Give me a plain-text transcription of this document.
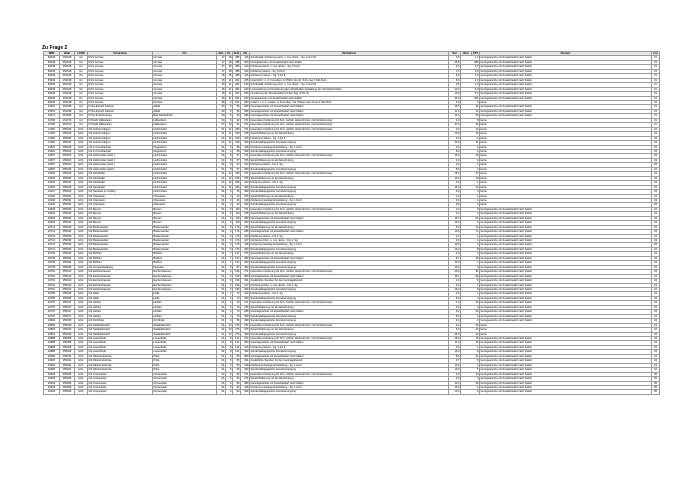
Zu Frage 2
DBR	BGB	LKNR	Schulname	Ort	SGL	KL	Schl	ZB	ZB-Klartext	Std	Wert	KST	Klartext	Anz
84049	254018	H1	KGS Gronau	Gronau	17	18	485	115	Sonderpäd. Förderung einzl. u. zus. Erzie. - Sg. 9 und 10	3,5	1,3		Genügsanruhe mit Zusatzbedarf nach Faktor	01
84049	254018	H1	KGS Gronau	Gronau	17	18	485	260	Genügsanruhe mit Zusatzbedarf nach Faktor	45,5	480		Genügsanruhe mit Zusatzbedarf nach Faktor	01
84049	254018	H1	KGS Gronau	Gronau	17	18	485	410	Förderung Einzl. u. zus. Erzie. - Sg. 5 bis 8	3,5	1,3		Genügsanruhe mit Zusatzbedarf nach Faktor	01
84049	254018	H1	KGS Gronau	Gronau	17	18	485	414	Förderung Hören - Sg. 5 bis 8	1,5	0,5		Genügsanruhe mit Zusatzbedarf nach Faktor	01
84049	254018	H1	KGS Gronau	Gronau	18	18	485	415	Förderung Sehen - Sg. 5 bis 8	6,0	2,3		Genügsanruhe mit Zusatzbedarf nach Faktor	01
84049	254018	H1	KGS Gronau	Gronau	18	11	261	265	Unterricht f. ü. Z. Fremdspr. in Pflicht. bis 10. SJG max 4 Std./SJG	8,0	2,3		Genügsanruhe mit Zusatzbedarf nach Faktor	01
84049	254018	H1	KGS Gronau	Gronau	18	11	261	133	Sonderpäd. Förderung einzl. u. zus. Erzie. - Sg. 9 und 10	3,5	1,3		Genügsanruhe mit Zusatzbedarf nach Faktor	01
84049	254018	H1	KGS Gronau	Gronau	18	11	261	243	Unterstützung und Förderung der individuellen Gestaltung der Schulabschlüsse	13,0	5,3		Genügsanruhe mit Zusatzbedarf nach Faktor	01
84049	254018	H1	KGS Gronau	Gronau	18	11	261	250	Umsetzung der Stundentafel 2-6 den Sgg. 8 bis 10	10,0	5,3		Genügsanruhe mit Zusatzbedarf nach Faktor	01
84049	254018	H1	KGS Gronau	Gronau	18	11	261	260	Genügsanruhe mit Zusatzbedarf nach Faktor	24,0	261		Genügsanruhe mit Zusatzbedarf nach Faktor	01
84049	254018	H1	KGS Gronau	Gronau	28	3	151	360	unterst. f. ü. z. erwerb. d. Fremdspr. n.E. Phase max 3 bzw 4 Std./SJG	4,0	4		keine	01
91510	254038	H4	FVS-LE Erich Kästner	Alfeld	60	5	66	380	Ganztagsschule mit Zusatzbedarf nach Faktor	14,5	32		Genügsanruhe mit Zusatzbedarf nach Faktor	01
91510	254038	H4	FVS-LE Erich Kästner	Alfeld	62	6	66	380	Ganztagsschule mit Zusatzbedarf nach Faktor	11,0	24		Genügsanruhe mit Zusatzbedarf nach Faktor	01
91674	254055	H4	FVS-LE Sothenberg	Bad Salzdetfurth	60	6	62	380	Ganztagsschule mit Zusatzbedarf nach Faktor	12,4	36		Genügsanruhe mit Zusatzbedarf nach Faktor	01
91790	254073	H4	FVS-HD Hildesheim	Hildesheim	64	6	22	371	besondere Förderung für Sch. nichtdt. Herkunft bzw. mit Förderkonzept	4,0	8		keine	01
91790	254073	H4	FVS-HD Hildesheim	Hildesheim	67	13	91	371	besondere Förderung für Sch. nichtdt. Herkunft bzw. mit Förderkonzept	37,0	49		keine	01
11150	255023	HOL	GS Astrid-Lindgren	Holzminden	01	11	230	371	besondere Förderung für Sch. nichtdt. Herkunft bzw. mit Förderkonzept	3,0	11		keine	04
11150	255023	HOL	GS Astrid-Lindgren	Holzminden	01	11	230	376	Sprachförderung vor der Einschulung	10,0	15		keine	04
11150	255023	HOL	GS Astrid-Lindgren	Holzminden	01	11	230	415	Förderung Sehen - Sg. 1 bis 4	3,0	1		keine	04
11150	255023	HOL	GS Astrid-Lindgren	Holzminden	01	11	230	490	Sonderpädagogische Grundversorgung	20,0	11		keine	04
11824	255023	HOL	GS im Forstbachtal	Negenborn	01	4	68	418	Förderung Geistige Entwicklung - Sg. 1 bis 6	3,0	4		keine	04
11824	255023	HOL	GS im Forstbachtal	Negenborn	01	4	68	490	Sonderpädagogische Grundversorgung	8,0	4		keine	04
11897	255023	HOL	GS Holzminden (kath.)	Holzminden	01	8	67	371	besondere Förderung für Sch. nichtdt. Herkunft bzw. mit Förderkonzept	14,0	18		keine	04
11897	255023	HOL	GS Holzminden (kath.)	Holzminden	01	8	67	376	Sprachförderung vor der Einschulung	3,0	4		keine	04
11897	255023	HOL	GS Holzminden (kath.)	Holzminden	01	8	67	413	Förderung Hören - bis 4. Sg.	3,0	1		keine	04
11897	255023	HOL	GS Holzminden (kath.)	Holzminden	01	8	67	490	Sonderpädagogische Grundversorgung	8,0	4		keine	04
11903	255023	HOL	GS Karlstraße	Holzminden	01	12	236	371	besondere Förderung für Sch. nichtdt. Herkunft bzw. mit Förderkonzept	16,0	27		keine	04
11903	255023	HOL	GS Karlstraße	Holzminden	01	12	236	376	Sprachförderung vor der Einschulung	10,0	10		keine	04
11903	255023	HOL	GS Karlstraße	Holzminden	01	12	236	413	Förderung Hören - bis 4. Sg.	3,0	1		keine	04
11903	255023	HOL	GS Karlstraße	Holzminden	01	12	236	490	Sonderpädagogische Grundversorgung	24,0	12		keine	04
11927	255023	HOL	GS Neuhaus im Solling	Holzminden	01	4	46	490	Sonderpädagogische Grundversorgung	6,0	3		keine	04
11940	255031	HOL	GS Ottenstein	Ottenstein	01	4	44	376	Sprachförderung vor der Einschulung	1,0	1		keine	04
11940	255031	HOL	GS Ottenstein	Ottenstein	01	4	44	418	Förderung Geistige Entwicklung - Sg. 1 bis 6	3,0	1		keine	04
11940	255031	HOL	GS Ottenstein	Ottenstein	01	4	44	490	Sonderpädagogische Grundversorgung	6,0	3		keine	04
32694	255032	HOL	GS Bevern	Bevern	01	6	119	371	besondere Förderung für Sch. nichtdt. Herkunft bzw. mit Förderkonzept	2,0	2		Genügsanruhe mit Zusatzbedarf nach Faktor	04
32694	255032	HOL	GS Bevern	Bevern	01	6	119	376	Sprachförderung vor der Einschulung	2,0	2		Genügsanruhe mit Zusatzbedarf nach Faktor	04
32694	255032	HOL	GS Bevern	Bevern	01	6	119	380	Ganztagsschule mit Zusatzbedarf nach Faktor	16,7	63		Genügsanruhe mit Zusatzbedarf nach Faktor	04
32694	255032	HOL	GS Bevern	Bevern	01	6	119	490	Sonderpädagogische Grundversorgung	12,0	6		Genügsanruhe mit Zusatzbedarf nach Faktor	04
32712	255033	HOL	GS Bodenwerder	Bodenwerder	01	6	176	376	Sprachförderung vor der Einschulung	5,0	12		Genügsanruhe mit Zusatzbedarf nach Faktor	04
32712	255033	HOL	GS Bodenwerder	Bodenwerder	01	6	176	380	Ganztagsschule mit Zusatzbedarf nach Faktor	19,8	71		Genügsanruhe mit Zusatzbedarf nach Faktor	04
32712	255033	HOL	GS Bodenwerder	Bodenwerder	01	6	176	413	Förderung Hören - bis 4. Sg.	3,0	1		Genügsanruhe mit Zusatzbedarf nach Faktor	04
32712	255033	HOL	GS Bodenwerder	Bodenwerder	01	6	176	417	Förderung Körp. u. mot. Entw. - bis 4. Sg.	3,0	1		Genügsanruhe mit Zusatzbedarf nach Faktor	04
32712	255033	HOL	GS Bodenwerder	Bodenwerder	01	6	176	418	Förderung Geistige Entwicklung - Sg. 1 bis 6	10,0	3		Genügsanruhe mit Zusatzbedarf nach Faktor	04
32712	255033	HOL	GS Bodenwerder	Bodenwerder	01	6	176	490	Sonderpädagogische Grundversorgung	16,0	8		Genügsanruhe mit Zusatzbedarf nach Faktor	04
32736	255034	HOL	GS Boffzen	Boffzen	01	7	127	376	Sprachförderung vor der Einschulung	2,0	3		Genügsanruhe mit Zusatzbedarf nach Faktor	04
32736	255034	HOL	GS Boffzen	Boffzen	01	7	127	380	Ganztagsschule mit Zusatzbedarf nach Faktor	8,7	30		Genügsanruhe mit Zusatzbedarf nach Faktor	04
32736	255034	HOL	GS Boffzen	Boffzen	01	7	127	490	Sonderpädagogische Grundversorgung	14,0	7		Genügsanruhe mit Zusatzbedarf nach Faktor	04
32748	255035	HOL	GS am Nordwaldweg	Deensen	01	6	87	490	Sonderpädagogische Grundversorgung	10,0	5		Genügsanruhe mit Zusatzbedarf nach Faktor	04
32761	255013	HOL	GS Eschershausen	Eschershausen	01	6	196	371	besondere Förderung für Sch. nichtdt. Herkunft bzw. mit Förderkonzept	20,0	32		Genügsanruhe mit Zusatzbedarf nach Faktor	04
32761	255013	HOL	GS Eschershausen	Eschershausen	01	6	196	380	Ganztagsschule mit Zusatzbedarf nach Faktor	16,1	96		Genügsanruhe mit Zusatzbedarf nach Faktor	04
32761	255013	HOL	GS Eschershausen	Eschershausen	01	6	196	391	Zusätzliche Stunden für den Ganztagsbetrieb	1,0	6		Genügsanruhe mit Zusatzbedarf nach Faktor	04
32761	255013	HOL	GS Eschershausen	Eschershausen	01	6	196	417	Förderung Körp. u. mot. Entw. - bis 4. Sg.	3,0	1		Genügsanruhe mit Zusatzbedarf nach Faktor	04
32761	255013	HOL	GS Eschershausen	Eschershausen	01	6	196	490	Sonderpädagogische Grundversorgung	16,0	8		Genügsanruhe mit Zusatzbedarf nach Faktor	04
32785	255036	HOL	GS Halle	Halle	01	4	72	413	Förderung Hören - bis 4. Sg.	3,0	1		Genügsanruhe mit Zusatzbedarf nach Faktor	04
32785	255036	HOL	GS Halle	Halle	01	4	72	490	Sonderpädagogische Grundversorgung	8,0	4		Genügsanruhe mit Zusatzbedarf nach Faktor	04
32797	255017	HOL	GS Hehlen	Hehlen	01	4	70	371	besondere Förderung für Sch. nichtdt. Herkunft bzw. mit Förderkonzept	1,0	23		Genügsanruhe mit Zusatzbedarf nach Faktor	04
32797	255017	HOL	GS Hehlen	Hehlen	01	4	70	376	Sprachförderung vor der Einschulung	2,0	3		Genügsanruhe mit Zusatzbedarf nach Faktor	04
32797	255017	HOL	GS Hehlen	Hehlen	01	4	70	380	Ganztagsschule mit Zusatzbedarf nach Faktor	9,2	40		Genügsanruhe mit Zusatzbedarf nach Faktor	04
32797	255017	HOL	GS Hehlen	Hehlen	01	4	70	490	Sonderpädagogische Grundversorgung	8,0	4		Genügsanruhe mit Zusatzbedarf nach Faktor	04
32840	255039	HOL	GS Kirchbrak	Kirchbrak	01	4	56	490	Sonderpädagogische Grundversorgung	4,0	2		Genügsanruhe mit Zusatzbedarf nach Faktor	04
32852	255040	HOL	GS Stadtoldendorf	Stadtoldendorf	01	13	276	371	besondere Förderung für Sch. nichtdt. Herkunft bzw. mit Förderkonzept	4,0	34		keine	04
32852	255040	HOL	GS Stadtoldendorf	Stadtoldendorf	01	13	276	376	Sprachförderung vor der Einschulung	5,0	10		keine	04
32852	255040	HOL	GS Stadtoldendorf	Stadtoldendorf	01	13	276	490	Sonderpädagogische Grundversorgung	24,0	12		keine	04
32888	255008	HOL	GS Lauenförde	Lauenförde	01	8	141	371	besondere Förderung für Sch. nichtdt. Herkunft bzw. mit Förderkonzept	18,0	15		Genügsanruhe mit Zusatzbedarf nach Faktor	04
32888	255008	HOL	GS Lauenförde	Lauenförde	01	8	141	380	Ganztagsschule mit Zusatzbedarf nach Faktor	11,0	45		Genügsanruhe mit Zusatzbedarf nach Faktor	04
32888	255008	HOL	GS Lauenförde	Lauenförde	01	8	141	415	Förderung Sehen - Sg. 1 bis 4	3,0	1		Genügsanruhe mit Zusatzbedarf nach Faktor	04
32888	255008	HOL	GS Lauenförde	Lauenförde	01	8	141	490	Sonderpädagogische Grundversorgung	16,0	8		Genügsanruhe mit Zusatzbedarf nach Faktor	04
32906	255041	HOL	GS Rittershufschule	Polle	01	5	65	380	Ganztagsschule mit Zusatzbedarf nach Faktor	8,6	21		Genügsanruhe mit Zusatzbedarf nach Faktor	04
32906	255041	HOL	GS Rittershufschule	Polle	01	5	65	391	Zusätzliche Stunden für den Ganztagsbetrieb	0,7	5		Genügsanruhe mit Zusatzbedarf nach Faktor	04
32906	255041	HOL	GS Rittershufschule	Polle	01	5	65	418	Förderung Geistige Entwicklung - Sg. 1 bis 6	10,0	3		Genügsanruhe mit Zusatzbedarf nach Faktor	04
32906	255041	HOL	GS Rittershufschule	Polle	01	5	65	490	Sonderpädagogische Grundversorgung	10,0	5		Genügsanruhe mit Zusatzbedarf nach Faktor	04
32918	255006	HOL	GS Grünenplan	Grünenplan	01	6	94	371	besondere Förderung für Sch. nichtdt. Herkunft bzw. mit Förderkonzept	4,0	13		Genügsanruhe mit Zusatzbedarf nach Faktor	05
32918	255006	HOL	GS Grünenplan	Grünenplan	01	6	94	376	Sprachförderung vor der Einschulung	3,0	4		Genügsanruhe mit Zusatzbedarf nach Faktor	05
32918	255006	HOL	GS Grünenplan	Grünenplan	01	6	94	380	Ganztagsschule mit Zusatzbedarf nach Faktor	12,4	36		Genügsanruhe mit Zusatzbedarf nach Faktor	05
32918	255006	HOL	GS Grünenplan	Grünenplan	01	6	94	418	Förderung Geistige Entwicklung - Sg. 1 bis 6	15,0	2		Genügsanruhe mit Zusatzbedarf nach Faktor	05
32918	255006	HOL	GS Grünenplan	Grünenplan	01	6	94	490	Sonderpädagogische Grundversorgung	12,0	6		Genügsanruhe mit Zusatzbedarf nach Faktor	05
